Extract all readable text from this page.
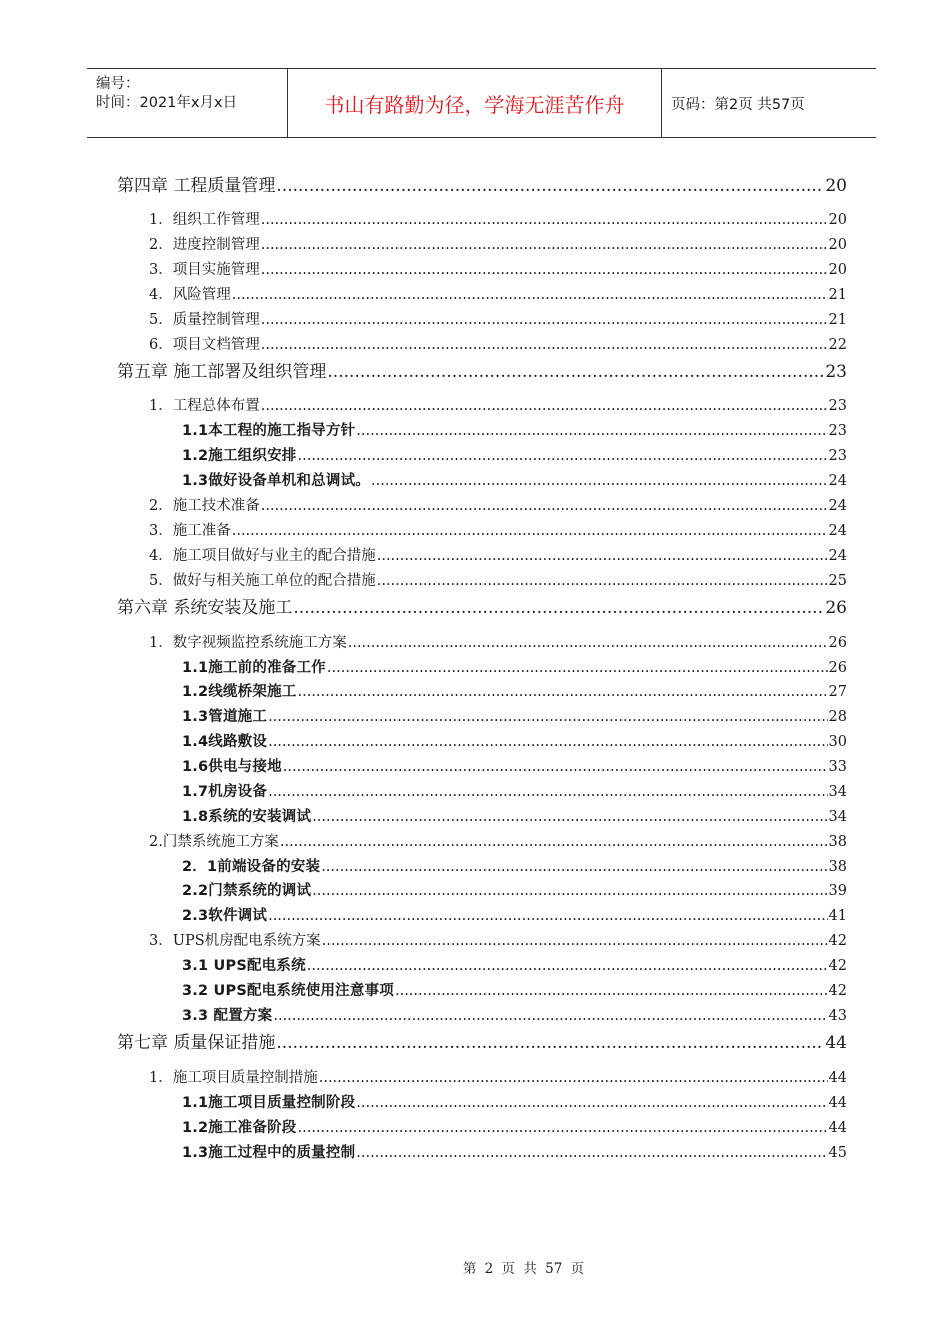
编号：
时间：2021年x月x日	书山有路勤为径，学海无涯苦作舟	页码：第2页 共57页
第四章 工程质量管理 .....	20
1．组织工作管理 .....	20
2．进度控制管理 .....	20
3．项目实施管理 .....	20
4．风险管理 .....	21
5．质量控制管理 .....	21
6．项目文档管理 .....	22
第五章 施工部署及组织管理 .....	23
1．工程总体布置 .....	23
1.1本工程的施工指导方针 .....	23
1.2施工组织安排 .....	23
1.3做好设备单机和总调试。 .....	24
2．施工技术准备 .....	24
3．施工准备 .....	24
4．施工项目做好与业主的配合措施 .....	24
5．做好与相关施工单位的配合措施 .....	25
第六章 系统安装及施工 .....	26
1．数字视频监控系统施工方案 .....	26
1.1施工前的准备工作 .....	26
1.2线缆桥架施工 .....	27
1.3管道施工 .....	28
1.4线路敷设 .....	30
1.6供电与接地 .....	33
1.7机房设备 .....	34
1.8系统的安装调试 .....	34
2.门禁系统施工方案 .....	38
2．1前端设备的安装 .....	38
2.2门禁系统的调试 .....	39
2.3软件调试 .....	41
3．UPS机房配电系统方案 .....	42
3.1 UPS配电系统 .....	42
3.2 UPS配电系统使用注意事项 .....	42
3.3 配置方案 .....	43
第七章 质量保证措施 .....	44
1．施工项目质量控制措施 .....	44
1.1施工项目质量控制阶段 .....	44
1.2施工准备阶段 .....	44
1.3施工过程中的质量控制 .....	45
第 2 页 共 57 页
